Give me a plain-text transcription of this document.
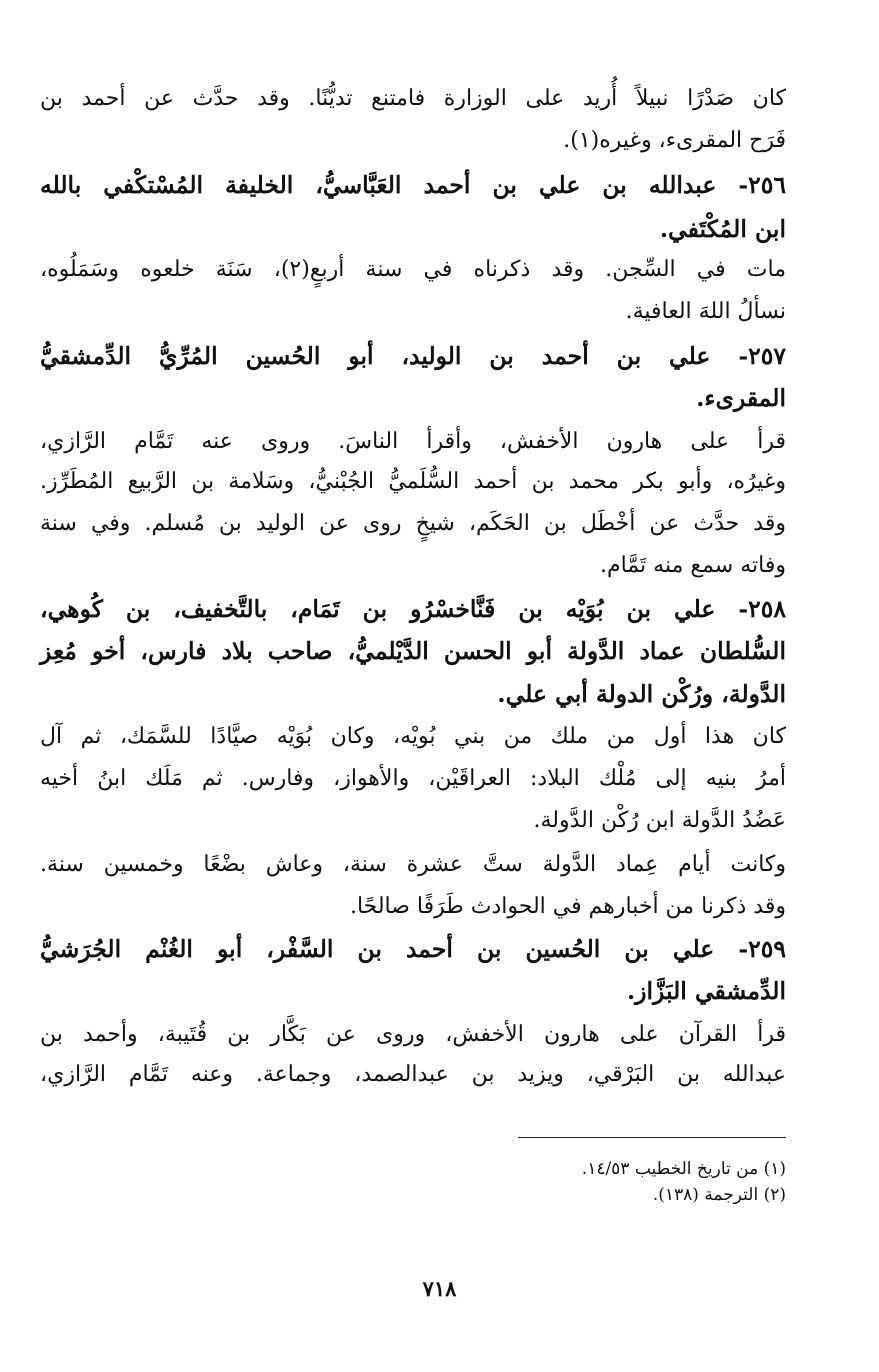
كان صَدْرًا نبيلاً أُريد على الوزارة فامتنع تديُّنًا. وقد حدَّث عن أحمد بن
فَرَح المقرىء، وغيره(١).
٢٥٦- عبدالله بن علي بن أحمد العَبَّاسيُّ، الخليفة المُسْتكْفي بالله
ابن المُكْتَفي.
مات في السِّجن. وقد ذكرناه في سنة أربعٍ(٢)، سَنَة خلعوه وسَمَلُوه،
نسألُ اللهَ العافية.
٢٥٧- علي بن أحمد بن الوليد، أبو الحُسين المُرِّيُّ الدِّمشقيُّ
المقرىء.
قرأ على هارون الأخفش، وأقرأ الناسَ. وروى عنه تَمَّام الرَّازي،
وغيرُه، وأبو بكر محمد بن أحمد السُّلَميُّ الجُبْنيُّ، وسَلامة بن الرَّبيع المُطَرِّز.
وقد حدَّث عن أخْطَل بن الحَكَم، شيخٍ روى عن الوليد بن مُسلم. وفي سنة
وفاته سمع منه تَمَّام.
٢٥٨- علي بن بُوَيْه بن فَنَّاخسْرُو بن تَمَام، بالتَّخفيف، بن كُوهي،
السُّلطان عماد الدَّولة أبو الحسن الدَّيْلميُّ، صاحب بلاد فارس، أخو مُعِز
الدَّولة، ورُكْن الدولة أبي علي.
كان هذا أول من ملك من بني بُويْه، وكان بُوَيْه صيَّادًا للسَّمَك، ثم آل
أمرُ بنيه إلى مُلْك البلاد: العراقَيْن، والأهواز، وفارس. ثم مَلَك ابنُ أخيه
عَضُدُ الدَّولة ابن رُكْن الدَّولة.
وكانت أيام عِماد الدَّولة ستَّ عشرة سنة، وعاش بضْعًا وخمسين سنة.
وقد ذكرنا من أخبارهم في الحوادث طَرَفًا صالحًا.
٢٥٩- علي بن الحُسين بن أحمد بن السَّفْر، أبو الغُنْم الجُرَشيُّ
الدِّمشقي البَزَّاز.
قرأ القرآن على هارون الأخفش، وروى عن بَكَّار بن قُتَيبة، وأحمد بن
عبدالله بن البَرْقي، ويزيد بن عبدالصمد، وجماعة. وعنه تَمَّام الرَّازي،
(١) من تاريخ الخطيب ١٤/٥٣.
(٢) الترجمة (١٣٨).
٧١٨
